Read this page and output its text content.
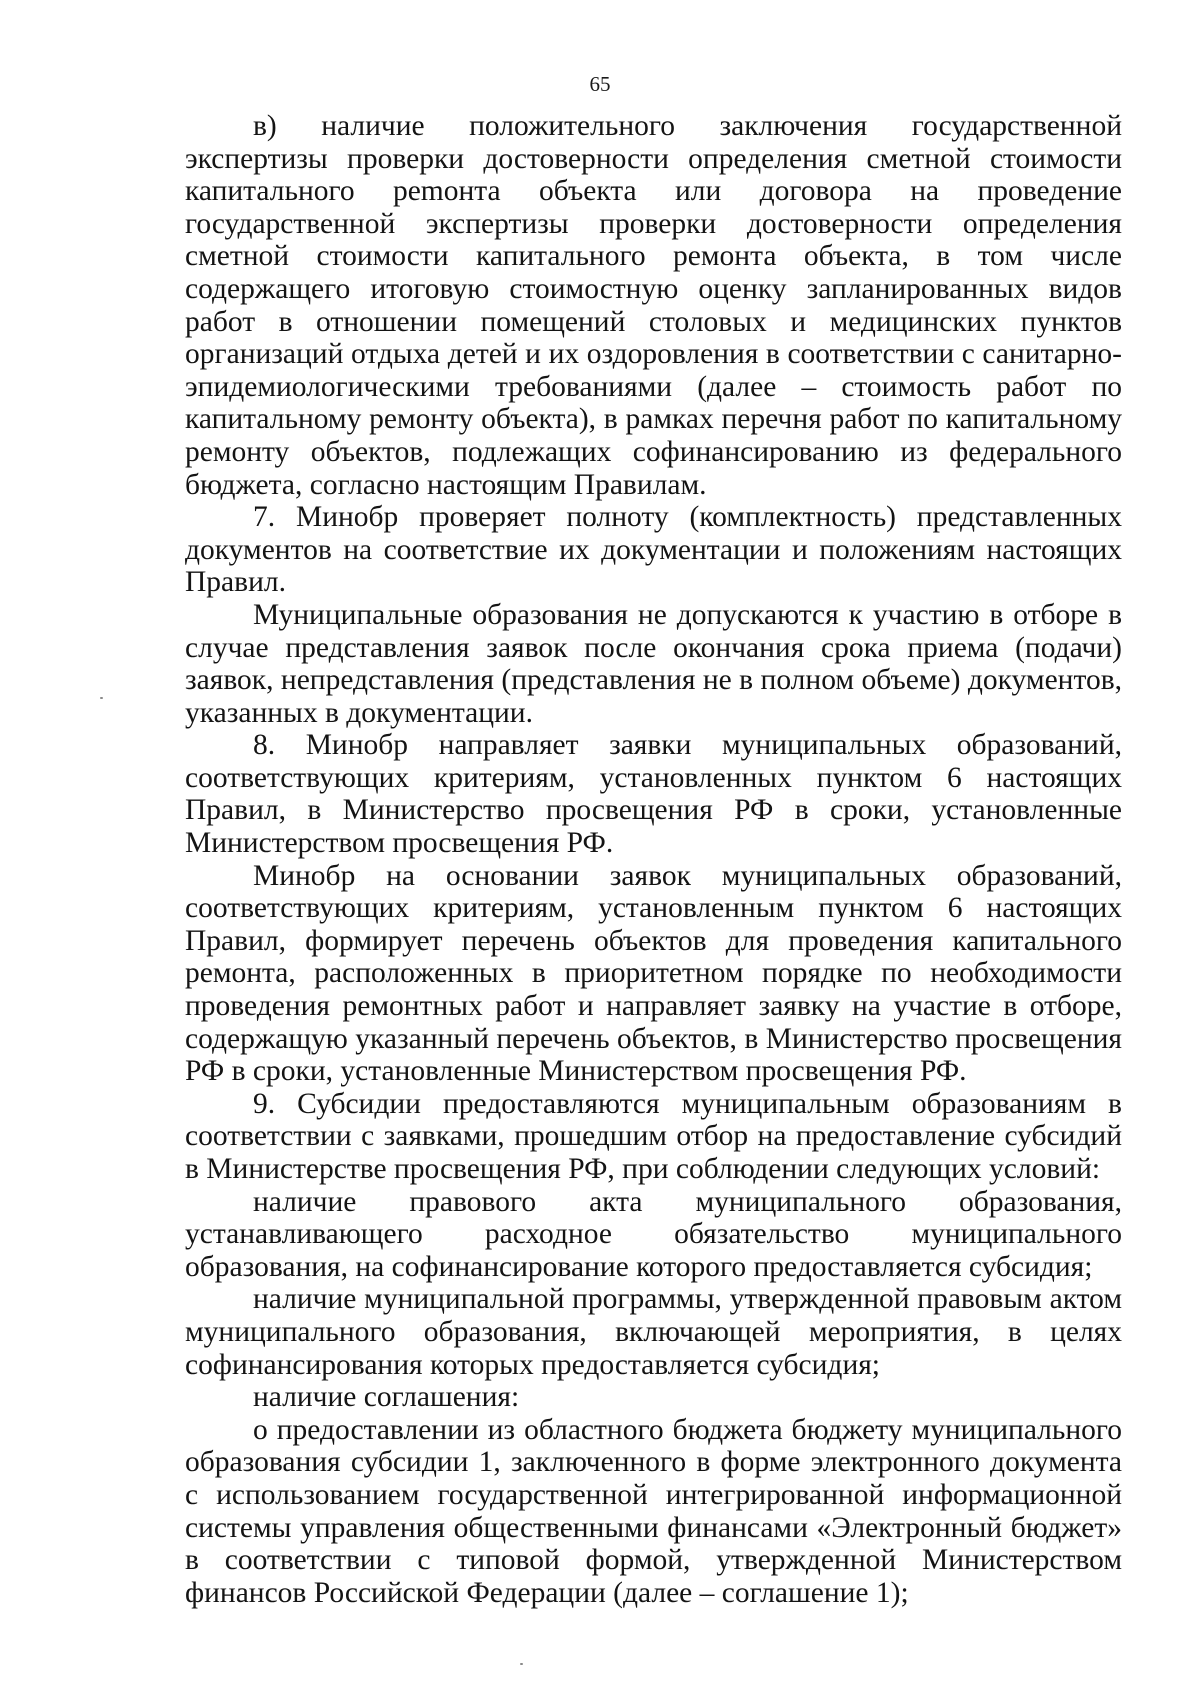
65

в) наличие положительного заключения государственной экспертизы проверки достоверности определения сметной стоимости капитального реmонта объекта или договора на проведение государственной экспертизы проверки достоверности определения сметной стоимости капитального ремонта объекта, в том числе содержащего итоговую стоимостную оценку запланированных видов работ в отношении помещений столовых и медицинских пунктов организаций отдыха детей и их оздоровления в соответствии с санитарно-эпидемиологическими требованиями (далее – стоимость работ по капитальному ремонту объекта), в рамках перечня работ по капитальному ремонту объектов, подлежащих софинансированию из федерального бюджета, согласно настоящим Правилам.

7. Минобр проверяет полноту (комплектность) представленных документов на соответствие их документации и положениям настоящих Правил.

Муниципальные образования не допускаются к участию в отборе в случае представления заявок после окончания срока приема (подачи) заявок, непредставления (представления не в полном объеме) документов, указанных в документации.

8. Минобр направляет заявки муниципальных образований, соответствующих критериям, установленных пунктом 6 настоящих Правил, в Министерство просвещения РФ в сроки, установленные Министерством просвещения РФ.

Минобр на основании заявок муниципальных образований, соответствующих критериям, установленным пунктом 6 настоящих Правил, формирует перечень объектов для проведения капитального ремонта, расположенных в приоритетном порядке по необходимости проведения ремонтных работ и направляет заявку на участие в отборе, содержащую указанный перечень объектов, в Министерство просвещения РФ в сроки, установленные Министерством просвещения РФ.

9. Субсидии предоставляются муниципальным образованиям в соответствии с заявками, прошедшим отбор на предоставление субсидий в Министерстве просвещения РФ, при соблюдении следующих условий:

наличие правового акта муниципального образования, устанавливающего расходное обязательство муниципального образования, на софинансирование которого предоставляется субсидия;

наличие муниципальной программы, утвержденной правовым актом муниципального образования, включающей мероприятия, в целях софинансирования которых предоставляется субсидия;

наличие соглашения:

о предоставлении из областного бюджета бюджету муниципального образования субсидии 1, заключенного в форме электронного документа с использованием государственной интегрированной информационной системы управления общественными финансами «Электронный бюджет» в соответствии с типовой формой, утвержденной Министерством финансов Российской Федерации (далее – соглашение 1);
